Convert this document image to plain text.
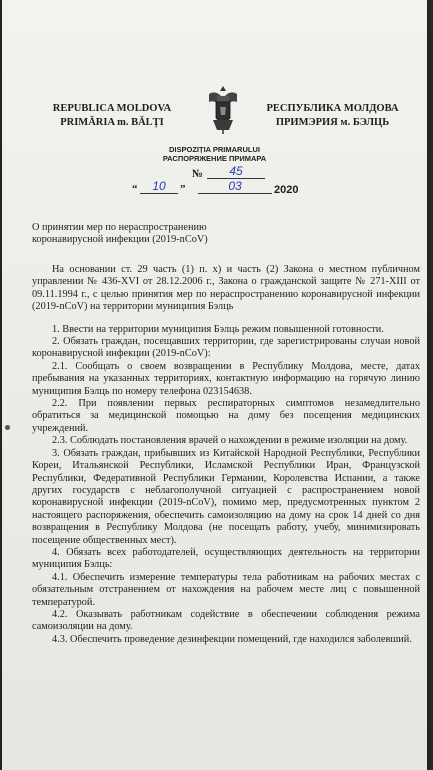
REPUBLICA MOLDOVA
PRIMĂRIA m. BĂLȚI
РЕСПУБЛИКА МОЛДОВА
ПРИМЭРИЯ м. БЭЛЦЬ
DISPOZIȚIA PRIMARULUI
РАСПОРЯЖЕНИЕ ПРИМАРА
№	45
“	10	”	03	2020
О принятии мер по нераспространению
коронавирусной инфекции (2019-nCoV)

На основании ст. 29 часть (1) п. х) и часть (2) Закона о местном публичном управлении № 436-XVI от 28.12.2006 г., Закона о гражданской защите № 271-XIII от 09.11.1994 г., с целью принятия мер по нераспространению коронавирусной инфекции (2019-nCoV) на территории муниципия Бэлць

1. Ввести на территории муниципия Бэлць режим повышенной готовности.

2. Обязать граждан, посещавших территории, где зарегистрированы случаи новой коронавирусной инфекции (2019-nCoV):

2.1. Сообщать о своем возвращении в Республику Молдова, месте, датах пребывания на указанных территориях, контактную информацию на горячую линию муниципия Бэлць по номеру телефона 023154638.

2.2. При появлении первых респираторных симптомов незамедлительно обратиться за медицинской помощью на дому без посещения медицинских учреждений.

2.3. Соблюдать постановления врачей о нахождении в режиме изоляции на дому.

3. Обязать граждан, прибывших из Китайской Народной Республики, Республики Кореи, Итальянской Республики, Исламской Республики Иран, Французской Республики, Федеративной Республики Германии, Королевства Испании, а также других государств с неблагополучной ситуацией с распространением новой коронавирусной инфекции (2019-nCoV), помимо мер, предусмотренных пунктом 2 настоящего распоряжения, обеспечить самоизоляцию на дому на срок 14 дней со дня возвращения в Республику Молдова (не посещать работу, учебу, минимизировать посещение общественных мест).

4. Обязать всех работодателей, осуществляющих деятельность на территории муниципия Бэлць:

4.1. Обеспечить измерение температуры тела работникам на рабочих местах с обязательным отстранением от нахождения на рабочем месте лиц с повышенной температурой.

4.2. Оказывать работникам содействие в обеспечении соблюдения режима самоизоляции на дому.

4.3. Обеспечить проведение дезинфекции помещений, где находился заболевший.
